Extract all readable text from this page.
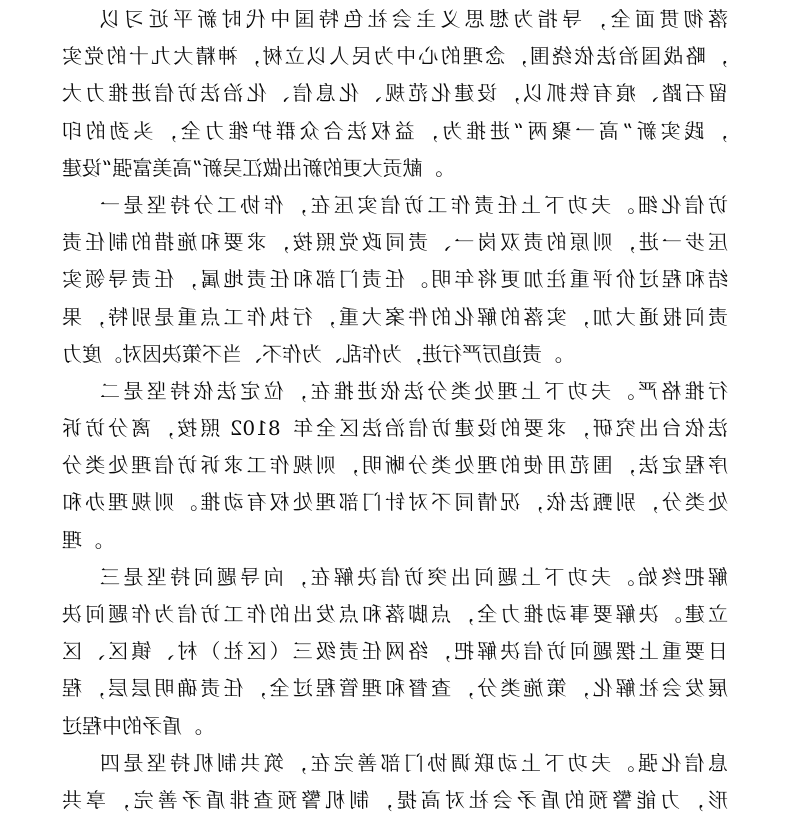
以习近平新时代中国特色社会主义思想为指导，全面贯彻落
实党的十九大精神，树立以人民为中心的理念，围绕依法治国战略，
大力推进信访法治化、信息化、规范化建设，以抓铁有痕、踏石留
印的劲头，全力维护群众合法权益，为推进“两聚一高”新实践，
建设“强富美高”新吴江做出新的更大贡献。
一是坚持分工协作，在压实信访工作责任上下功夫。细化信访
责任制的措施和要求，按照党政同责、一岗双责的原则，进一步压
实领导责任，属地责任和部门责任。明年将更加注重评价过程和结
果，特别是重点工作执行，重大案件的化解的落实，加大通报问责
力度。对因决策不当、不作为、乱作为，进行严厉追责。
二是坚持依法定位，在推进依法分类处理上下功夫。严格推行
诉访分离，按照 2018 年全区法治信访建设的要求，研究出台依法
分类处理信访诉求工作规则，明晰分类处理的使用范围，法定程序
和办理规则。推动有权处理部门针对不同情况，依法甄别，分类处
理。
三是坚持问题导向，在解决信访突出问题上下功夫。始终把解
决问题作为信访工作的出发点和落脚点，全力推动事要解决。建立
区、区镇、村（社区）三级责任网络，把解决信访问题摆上重要日
程，层层明确责任，全过程管理和督查，分类施策，化解社会发展
过程中的矛盾。
四是坚持机制共筑，在完善部门协调联动上下功夫。强化信息
共享，完善矛盾排查预警机制，提高对社会矛盾的预警能力，形
